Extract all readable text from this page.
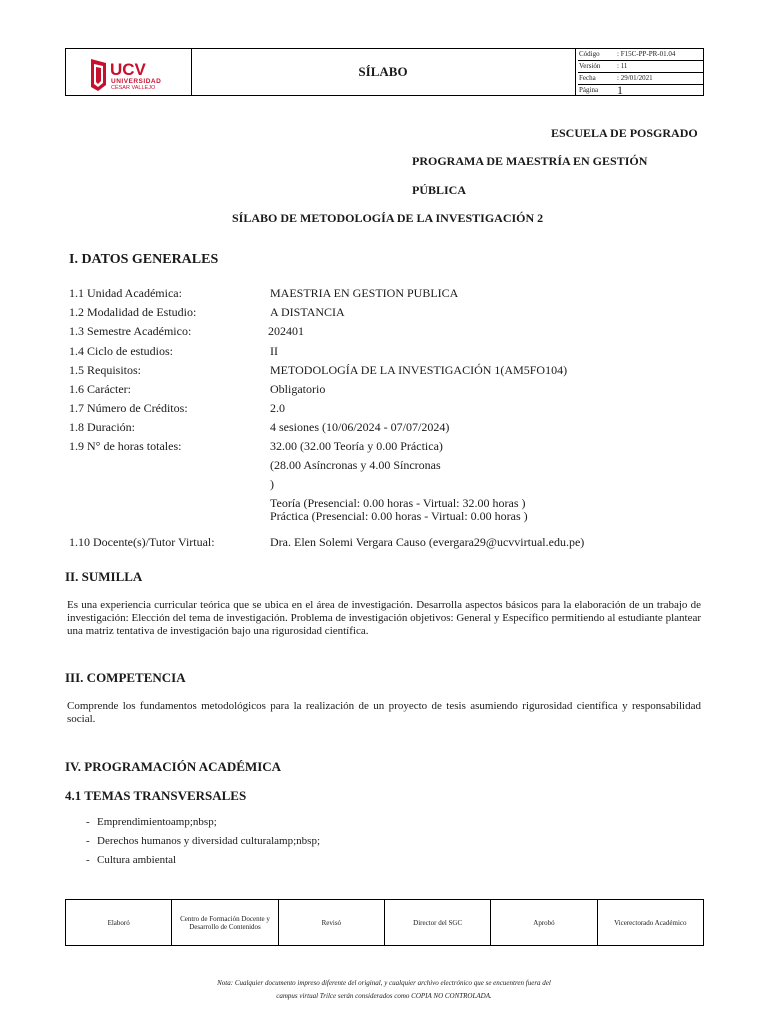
UCV
UNIVERSIDAD
CÉSAR VALLEJO
SÍLABO
Código	: F15C-PP-PR-01.04
Versión	: 11
Fecha	: 29/01/2021
Página	1
ESCUELA DE POSGRADO
PROGRAMA DE MAESTRÍA EN GESTIÓN
PÚBLICA
SÍLABO DE METODOLOGÍA DE LA INVESTIGACIÓN 2
I. DATOS GENERALES
1.1 Unidad Académica:	MAESTRIA EN GESTION PUBLICA
1.2 Modalidad de Estudio:	A DISTANCIA
1.3 Semestre Académico:	202401
1.4 Ciclo de estudios:	II
1.5 Requisitos:	METODOLOGÍA DE LA INVESTIGACIÓN 1(AM5FO104)
1.6 Carácter:	Obligatorio
1.7 Número de Créditos:	2.0
1.8 Duración:	4 sesiones (10/06/2024 - 07/07/2024)
1.9 N° de horas totales:	32.00 (32.00 Teoría y 0.00 Práctica)
(28.00 Asíncronas y 4.00 Síncronas
)
Teoría (Presencial: 0.00 horas - Virtual: 32.00 horas )
Práctica (Presencial: 0.00 horas - Virtual: 0.00 horas )
1.10 Docente(s)/Tutor Virtual:	Dra. Elen Solemi Vergara Causo (evergara29@ucvvirtual.edu.pe)
II. SUMILLA
Es una experiencia curricular teórica que se ubica en el área de investigación. Desarrolla aspectos básicos para la elaboración de un trabajo de investigación: Elección del tema de investigación. Problema de investigación objetivos: General y Específico permitiendo al estudiante plantear una matriz tentativa de investigación bajo una rigurosidad científica.
III. COMPETENCIA
Comprende los fundamentos metodológicos para la realización de un proyecto de tesis asumiendo rigurosidad científica y responsabilidad social.
IV. PROGRAMACIÓN ACADÉMICA
4.1 TEMAS TRANSVERSALES
- Emprendimientoamp;nbsp;
- Derechos humanos y diversidad culturalamp;nbsp;
- Cultura ambiental
Elaboró	Centro de Formación Docente y Desarrollo de Contenidos	Revisó	Director del SGC	Aprobó	Vicerectorado Académico
Nota: Cualquier documento impreso diferente del original, y cualquier archivo electrónico que se encuentren fuera del
campus virtual Trilce serán considerados como COPIA NO CONTROLADA.
